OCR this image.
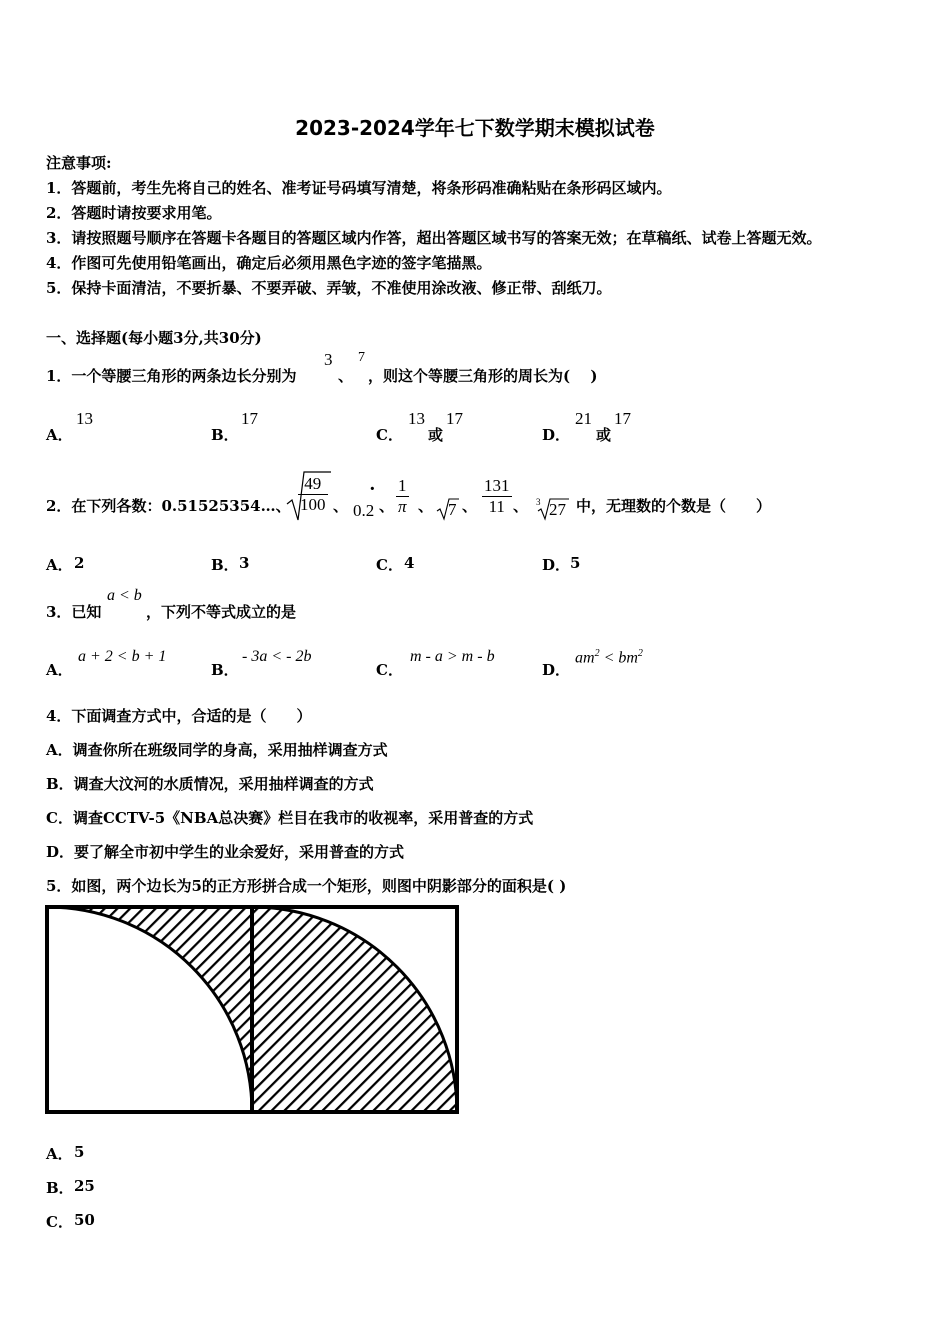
2023-2024学年七下数学期末模拟试卷
注意事项:
1．答题前，考生先将自己的姓名、准考证号码填写清楚，将条形码准确粘贴在条形码区域内。
2．答题时请按要求用笔。
3．请按照题号顺序在答题卡各题目的答题区域内作答，超出答题区域书写的答案无效；在草稿纸、试卷上答题无效。
4．作图可先使用铅笔画出，确定后必须用黑色字迹的签字笔描黑。
5．保持卡面清洁，不要折暴、不要弄破、弄皱，不准使用涂改液、修正带、刮纸刀。
一、选择题(每小题3分,共30分)
1．一个等腰三角形的两条边长分别为
3
、
7
，则这个等腰三角形的周长为(　 )
A．
13
B．
17
C．
13
或
17
D．
21
或
17
2．在下列各数：0.51525354…、 $\frac{49}{100}$ 、
·
0.2 、 $\frac{1}{\pi}$ 、 7 、 $\frac{131}{11}$ 、 3 27 中，无理数的个数是（　　）
A． 2	B． 3	C． 4	D． 5
3．已知
a < b
，下列不等式成立的是
A．
a + 2 < b + 1
B．
- 3a < - 2b
C．
m - a > m - b
D．
$am^2 < bm^2$
4．下面调查方式中，合适的是（　　）
A．调查你所在班级同学的身高，采用抽样调查方式
B．调查大汶河的水质情况，采用抽样调查的方式
C．调查CCTV-5《NBA总决赛》栏目在我市的收视率，采用普查的方式
D．要了解全市初中学生的业余爱好，采用普查的方式
5．如图，两个边长为5的正方形拼合成一个矩形，则图中阴影部分的面积是( )
A． 5
B． 25
C． 50
